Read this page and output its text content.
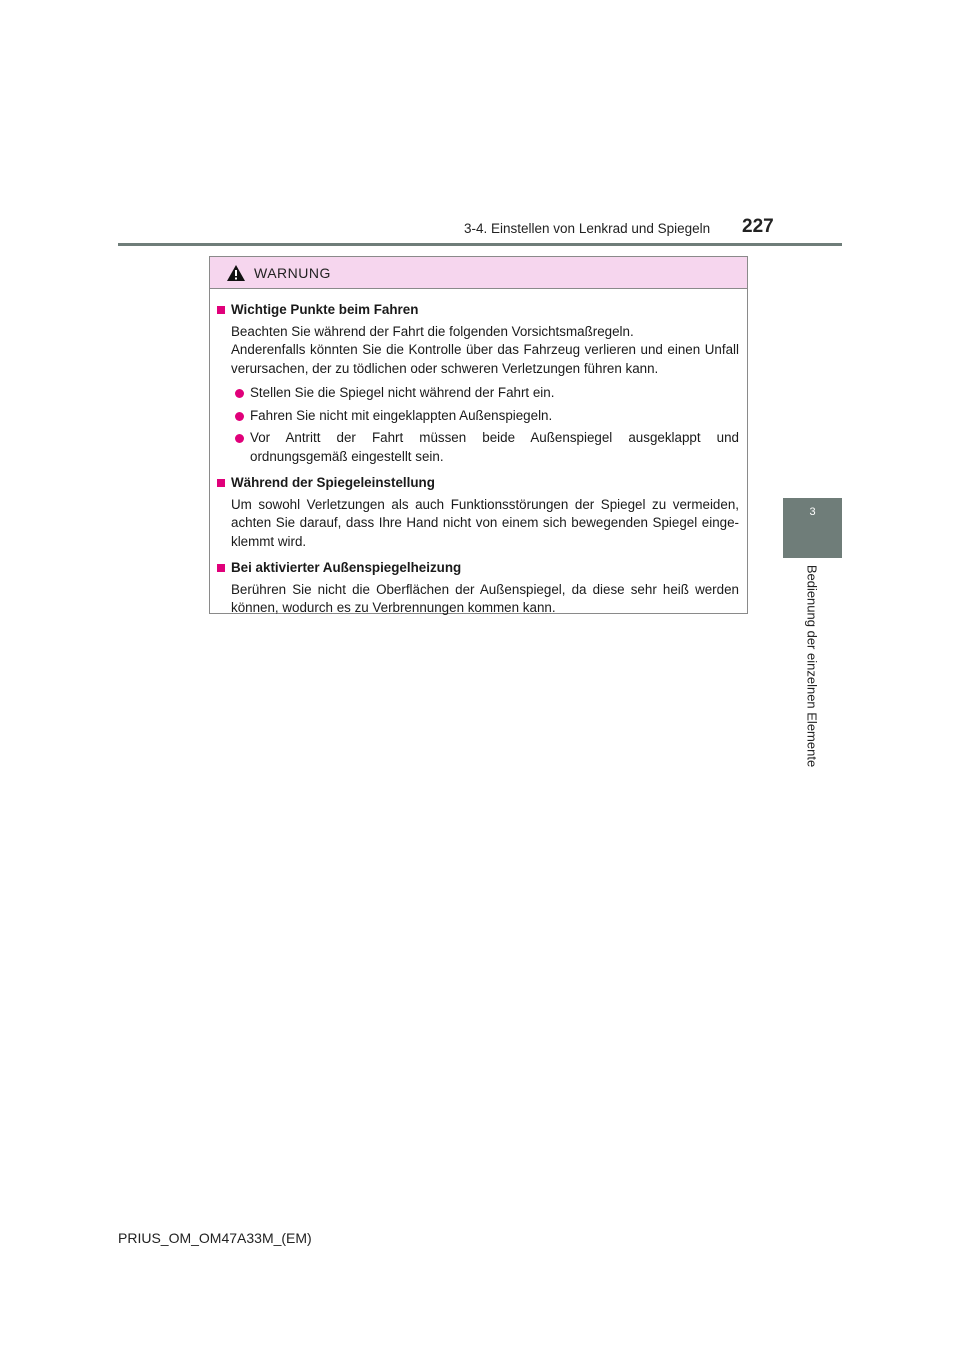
3-4. Einstellen von Lenkrad und Spiegeln 227
3
Bedienung der einzelnen Elemente
WARNUNG
Wichtige Punkte beim Fahren

Beachten Sie während der Fahrt die folgenden Vorsichtsmaßregeln.

Anderenfalls könnten Sie die Kontrolle über das Fahrzeug verlieren und einen Unfall verursachen, der zu tödlichen oder schweren Verletzungen führen kann.

Stellen Sie die Spiegel nicht während der Fahrt ein.
Fahren Sie nicht mit eingeklappten Außenspiegeln.
Vor Antritt der Fahrt müssen beide Außenspiegel ausgeklappt und ordnungsgemäß eingestellt sein.
Während der Spiegeleinstellung

Um sowohl Verletzungen als auch Funktionsstörungen der Spiegel zu vermeiden, achten Sie darauf, dass Ihre Hand nicht von einem sich bewegenden Spiegel einge-klemmt wird.

Bei aktivierter Außenspiegelheizung

Berühren Sie nicht die Oberflächen der Außenspiegel, da diese sehr heiß werden können, wodurch es zu Verbrennungen kommen kann.

PRIUS_OM_OM47A33M_(EM)
